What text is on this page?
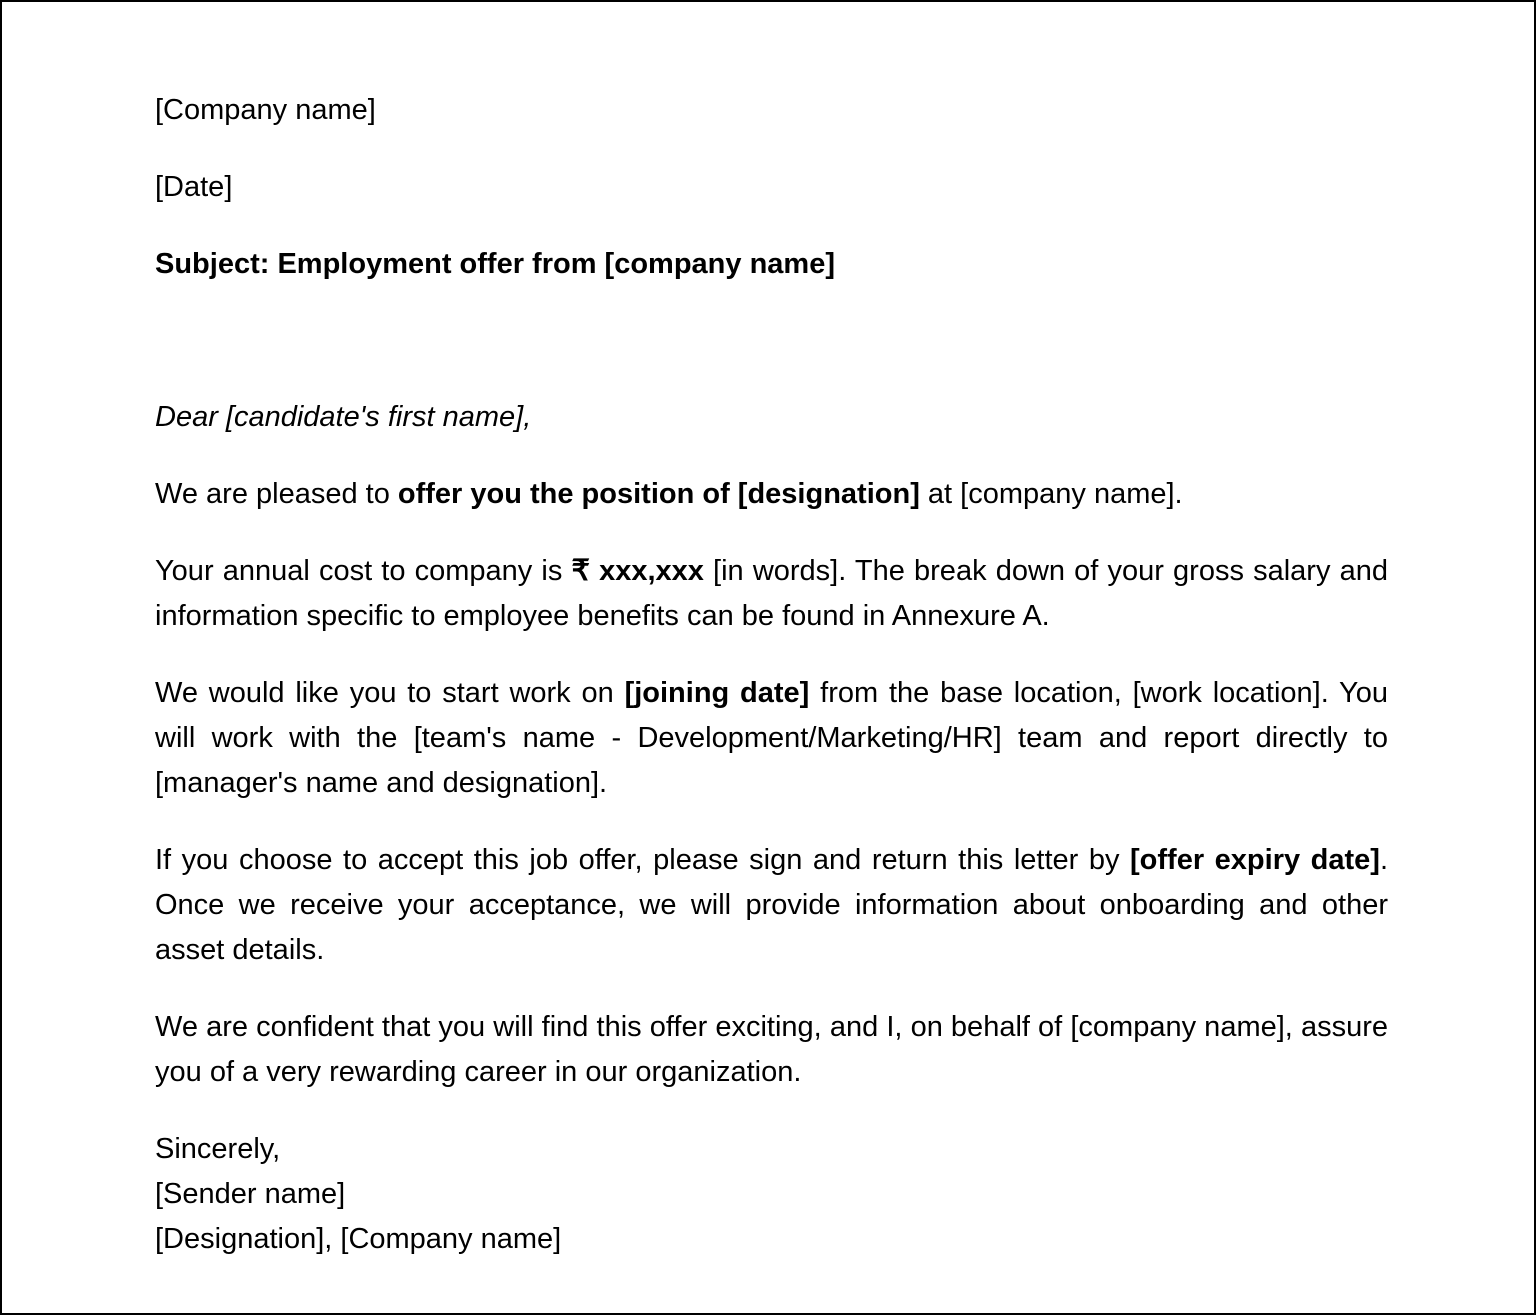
[Company name]
[Date]
Subject: Employment offer from [company name]
Dear [candidate's first name],
We are pleased to offer you the position of [designation] at [company name].
Your annual cost to company is ₹ xxx,xxx [in words]. The break down of your gross salary and information specific to employee benefits can be found in Annexure A.
We would like you to start work on [joining date] from the base location, [work location]. You will work with the [team's name - Development/Marketing/HR] team and report directly to [manager's name and designation].
If you choose to accept this job offer, please sign and return this letter by [offer expiry date]. Once we receive your acceptance, we will provide information about onboarding and other asset details.
We are confident that you will find this offer exciting, and I, on behalf of [company name], assure you of a very rewarding career in our organization.
Sincerely,
[Sender name]
[Designation], [Company name]
